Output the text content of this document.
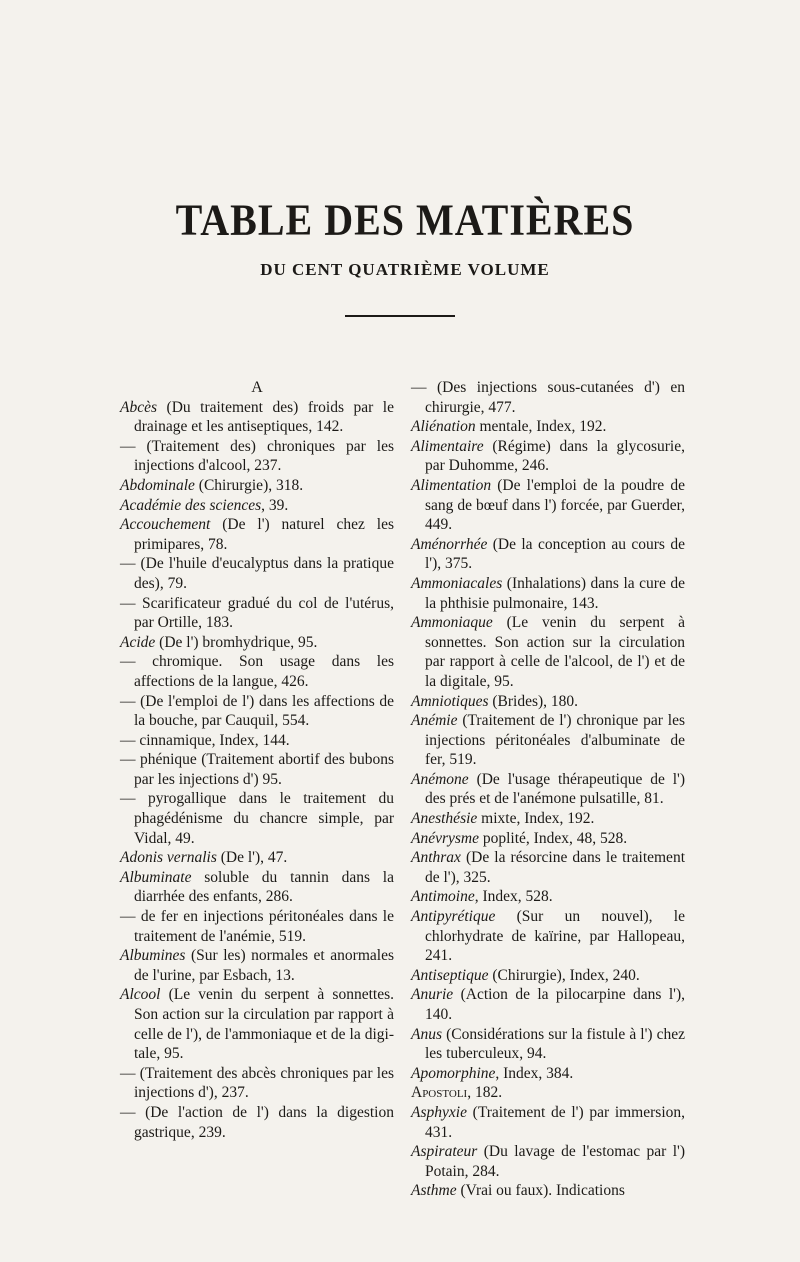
TABLE DES MATIÈRES
DU CENT QUATRIÈME VOLUME
A

Abcès (Du traitement des) froids par le drainage et les antiseptiques, 142.

— (Traitement des) chroniques par les injections d'alcool, 237.

Abdominale (Chirurgie), 318.

Académie des sciences, 39.

Accouchement (De l') naturel chez les primipares, 78.

— (De l'huile d'eucalyptus dans la pratique des), 79.

— Scarificateur gradué du col de l'utérus, par Ortille, 183.

Acide (De l') bromhydrique, 95.

— chromique. Son usage dans les affections de la langue, 426.

— (De l'emploi de l') dans les affections de la bouche, par Cauquil, 554.

— cinnamique, Index, 144.

— phénique (Traitement abortif des bubons par les injections d') 95.

— pyrogallique dans le traitement du phagédénisme du chancre simple, par Vidal, 49.

Adonis vernalis (De l'), 47.

Albuminate soluble du tannin dans la diarrhée des enfants, 286.

— de fer en injections péritonéales dans le traitement de l'anémie, 519.

Albumines (Sur les) normales et anormales de l'urine, par Esbach, 13.

Alcool (Le venin du serpent à sonnettes. Son action sur la circulation par rapport à celle de l'), de l'ammoniaque et de la digitale, 95.

— (Traitement des abcès chroniques par les injections d'), 237.

— (De l'action de l') dans la digestion gastrique, 239.

— (Des injections sous-cutanées d') en chirurgie, 477.

Aliénation mentale, Index, 192.

Alimentaire (Régime) dans la glycosurie, par Duhomme, 246.

Alimentation (De l'emploi de la poudre de sang de bœuf dans l') forcée, par Guerder, 449.

Aménorrhée (De la conception au cours de l'), 375.

Ammoniacales (Inhalations) dans la cure de la phthisie pulmonaire, 143.

Ammoniaque (Le venin du serpent à sonnettes. Son action sur la circulation par rapport à celle de l'alcool, de l') et de la digitale, 95.

Amniotiques (Brides), 180.

Anémie (Traitement de l') chronique par les injections péritonéales d'albuminate de fer, 519.

Anémone (De l'usage thérapeutique de l') des prés et de l'anémone pulsatille, 81.

Anesthésie mixte, Index, 192.

Anévrysme poplité, Index, 48, 528.

Anthrax (De la résorcine dans le traitement de l'), 325.

Antimoine, Index, 528.

Antipyrétique (Sur un nouvel), le chlorhydrate de kaïrine, par Hallopeau, 241.

Antiseptique (Chirurgie), Index, 240.

Anurie (Action de la pilocarpine dans l'), 140.

Anus (Considérations sur la fistule à l') chez les tuberculeux, 94.

Apomorphine, Index, 384.

Apostoli, 182.

Asphyxie (Traitement de l') par immersion, 431.

Aspirateur (Du lavage de l'estomac par l') Potain, 284.

Asthme (Vrai ou faux). Indications
